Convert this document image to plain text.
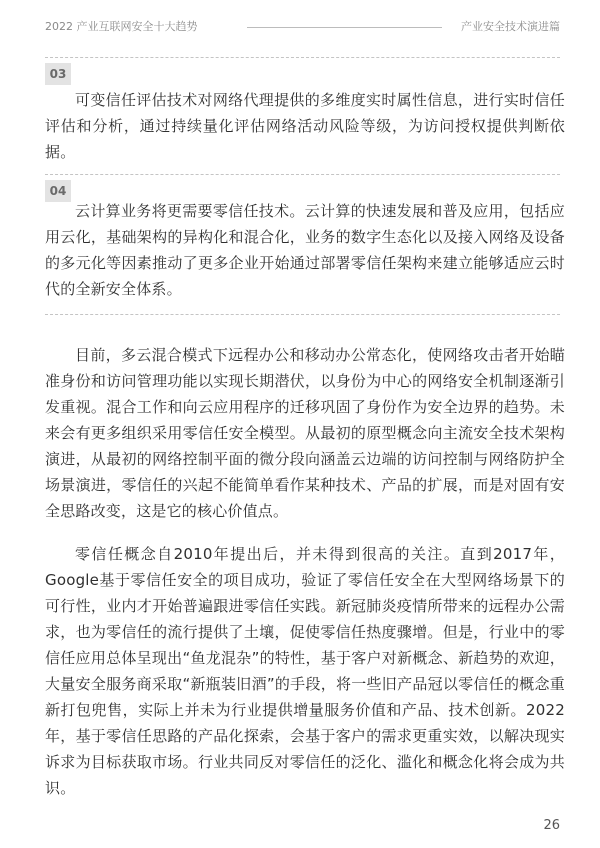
2022 产业互联网安全十大趋势	产业安全技术演进篇
03

可变信任评估技术对网络代理提供的多维度实时属性信息，进行实时信任评估和分析，通过持续量化评估网络活动风险等级，为访问授权提供判断依据。

04

云计算业务将更需要零信任技术。云计算的快速发展和普及应用，包括应用云化，基础架构的异构化和混合化，业务的数字生态化以及接入网络及设备的多元化等因素推动了更多企业开始通过部署零信任架构来建立能够适应云时代的全新安全体系。

目前，多云混合模式下远程办公和移动办公常态化，使网络攻击者开始瞄准身份和访问管理功能以实现长期潜伏，以身份为中心的网络安全机制逐渐引发重视。混合工作和向云应用程序的迁移巩固了身份作为安全边界的趋势。未来会有更多组织采用零信任安全模型。从最初的原型概念向主流安全技术架构演进，从最初的网络控制平面的微分段向涵盖云边端的访问控制与网络防护全场景演进，零信任的兴起不能简单看作某种技术、产品的扩展，而是对固有安全思路改变，这是它的核心价值点。

零信任概念自2010年提出后，并未得到很高的关注。直到2017年，Google基于零信任安全的项目成功，验证了零信任安全在大型网络场景下的可行性，业内才开始普遍跟进零信任实践。新冠肺炎疫情所带来的远程办公需求，也为零信任的流行提供了土壤，促使零信任热度骤增。但是，行业中的零信任应用总体呈现出“鱼龙混杂”的特性，基于客户对新概念、新趋势的欢迎，大量安全服务商采取“新瓶装旧酒”的手段，将一些旧产品冠以零信任的概念重新打包兜售，实际上并未为行业提供增量服务价值和产品、技术创新。2022年，基于零信任思路的产品化探索，会基于客户的需求更重实效，以解决现实诉求为目标获取市场。行业共同反对零信任的泛化、滥化和概念化将会成为共识。

26
